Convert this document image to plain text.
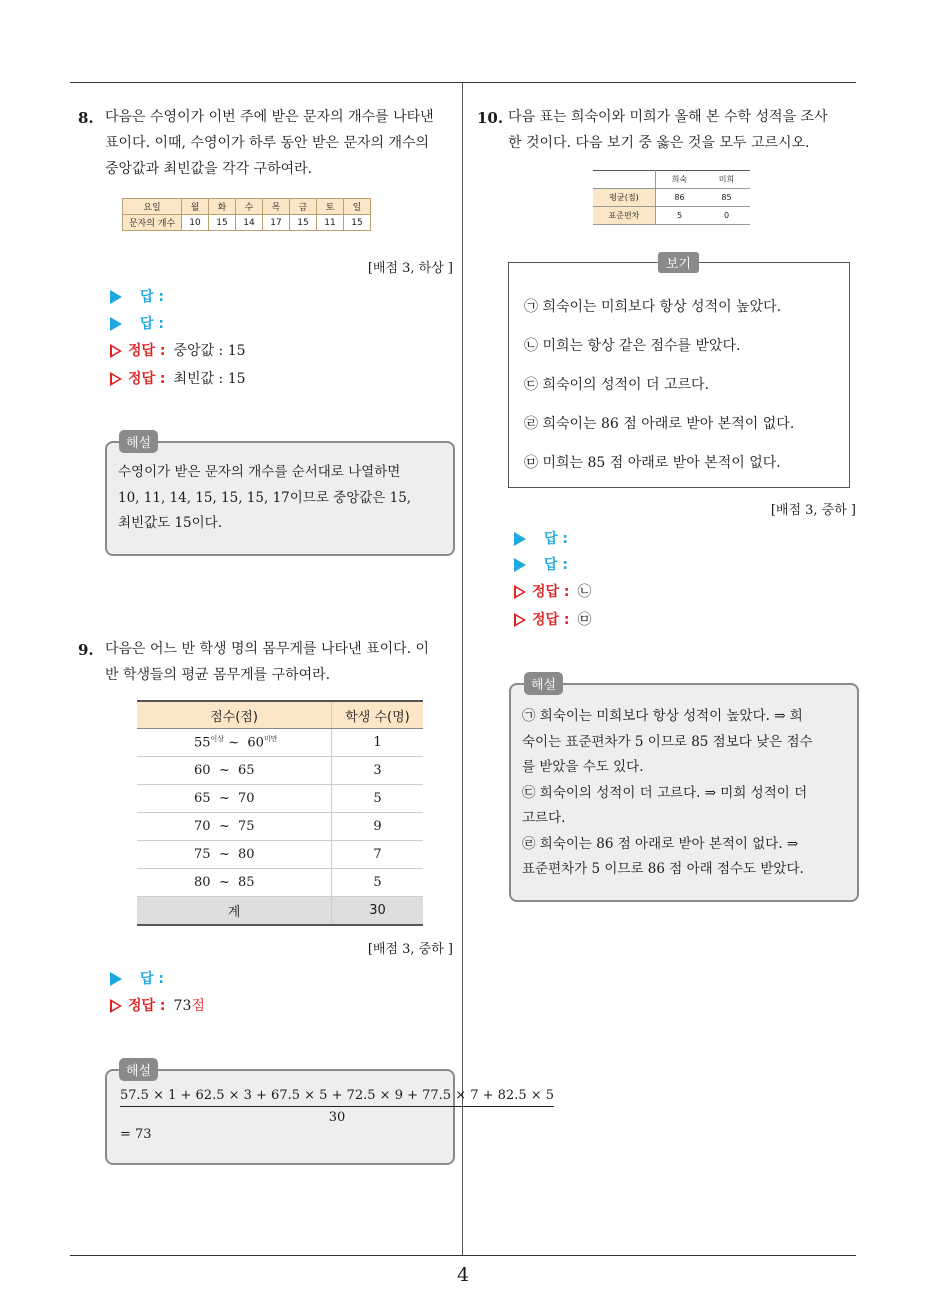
4
8. 다음은 수영이가 이번 주에 받은 문자의 개수를 나타낸
표이다. 이때, 수영이가 하루 동안 받은 문자의 개수의
중앙값과 최빈값을 각각 구하여라.
요일	월	화	수	목	금	토	일
문자의 개수	10	15	14	17	15	11	15
[배점 3, 하상 ]
답 :
답 :
정답 : 중앙값 : 15
정답 : 최빈값 : 15
해설
수영이가 받은 문자의 개수를 순서대로 나열하면
10, 11, 14, 15, 15, 15, 17이므로 중앙값은 15,
최빈값도 15이다.
9. 다음은 어느 반 학생 명의 몸무게를 나타낸 표이다. 이
반 학생들의 평균 몸무게를 구하여라.
점수(점)	학생 수(명)
$55^{이상}$ ~ $60^{미만}$	1
60 ~ 65	3
65 ~ 70	5
70 ~ 75	9
75 ~ 80	7
80 ~ 85	5
계	30
[배점 3, 중하 ]
답 :
정답 : 73점
해설
57.5 × 1 + 62.5 × 3 + 67.5 × 5 + 72.5 × 9 + 77.5 × 7 + 82.5 × 5
30
= 73
10. 다음 표는 희숙이와 미희가 올해 본 수학 성적을 조사
한 것이다. 다음 보기 중 옳은 것을 모두 고르시오.
	희숙	미희
평균(점)	86	85
표준편차	5	0
보기
㉠ 희숙이는 미희보다 항상 성적이 높았다.
㉡ 미희는 항상 같은 점수를 받았다.
㉢ 희숙이의 성적이 더 고르다.
㉣ 희숙이는 86 점 아래로 받아 본적이 없다.
㉤ 미희는 85 점 아래로 받아 본적이 없다.
[배점 3, 중하 ]
답 :
답 :
정답 : ㉡
정답 : ㉤
해설
㉠ 희숙이는 미희보다 항상 성적이 높았다. ⇒ 희
숙이는 표준편차가 5 이므로 85 점보다 낮은 점수
를 받았을 수도 있다.
㉢ 희숙이의 성적이 더 고르다. ⇒ 미희 성적이 더
고르다.
㉣ 희숙이는 86 점 아래로 받아 본적이 없다. ⇒
표준편차가 5 이므로 86 점 아래 점수도 받았다.
